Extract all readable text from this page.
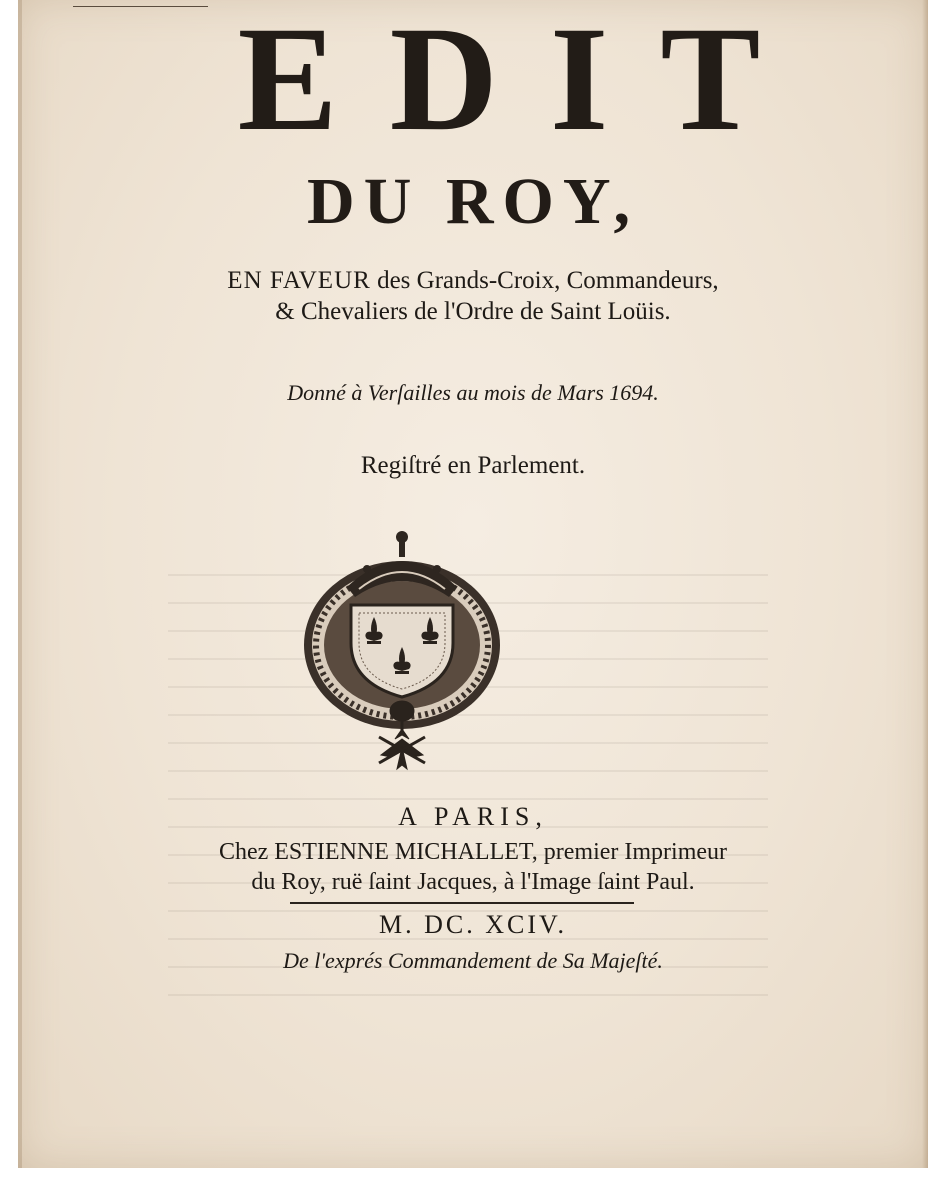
EDIT
DU ROY,
EN FAVEUR des Grands-Croix, Commandeurs,
& Chevaliers de l'Ordre de Saint Loüis.
Donné à Verſailles au mois de Mars 1694.
Regiſtré en Parlement.
A PARIS,
Chez ESTIENNE MICHALLET, premier Imprimeur
du Roy, ruë ſaint Jacques, à l'Image ſaint Paul.
M. DC. XCIV.
De l'exprés Commandement de Sa Majeſté.
